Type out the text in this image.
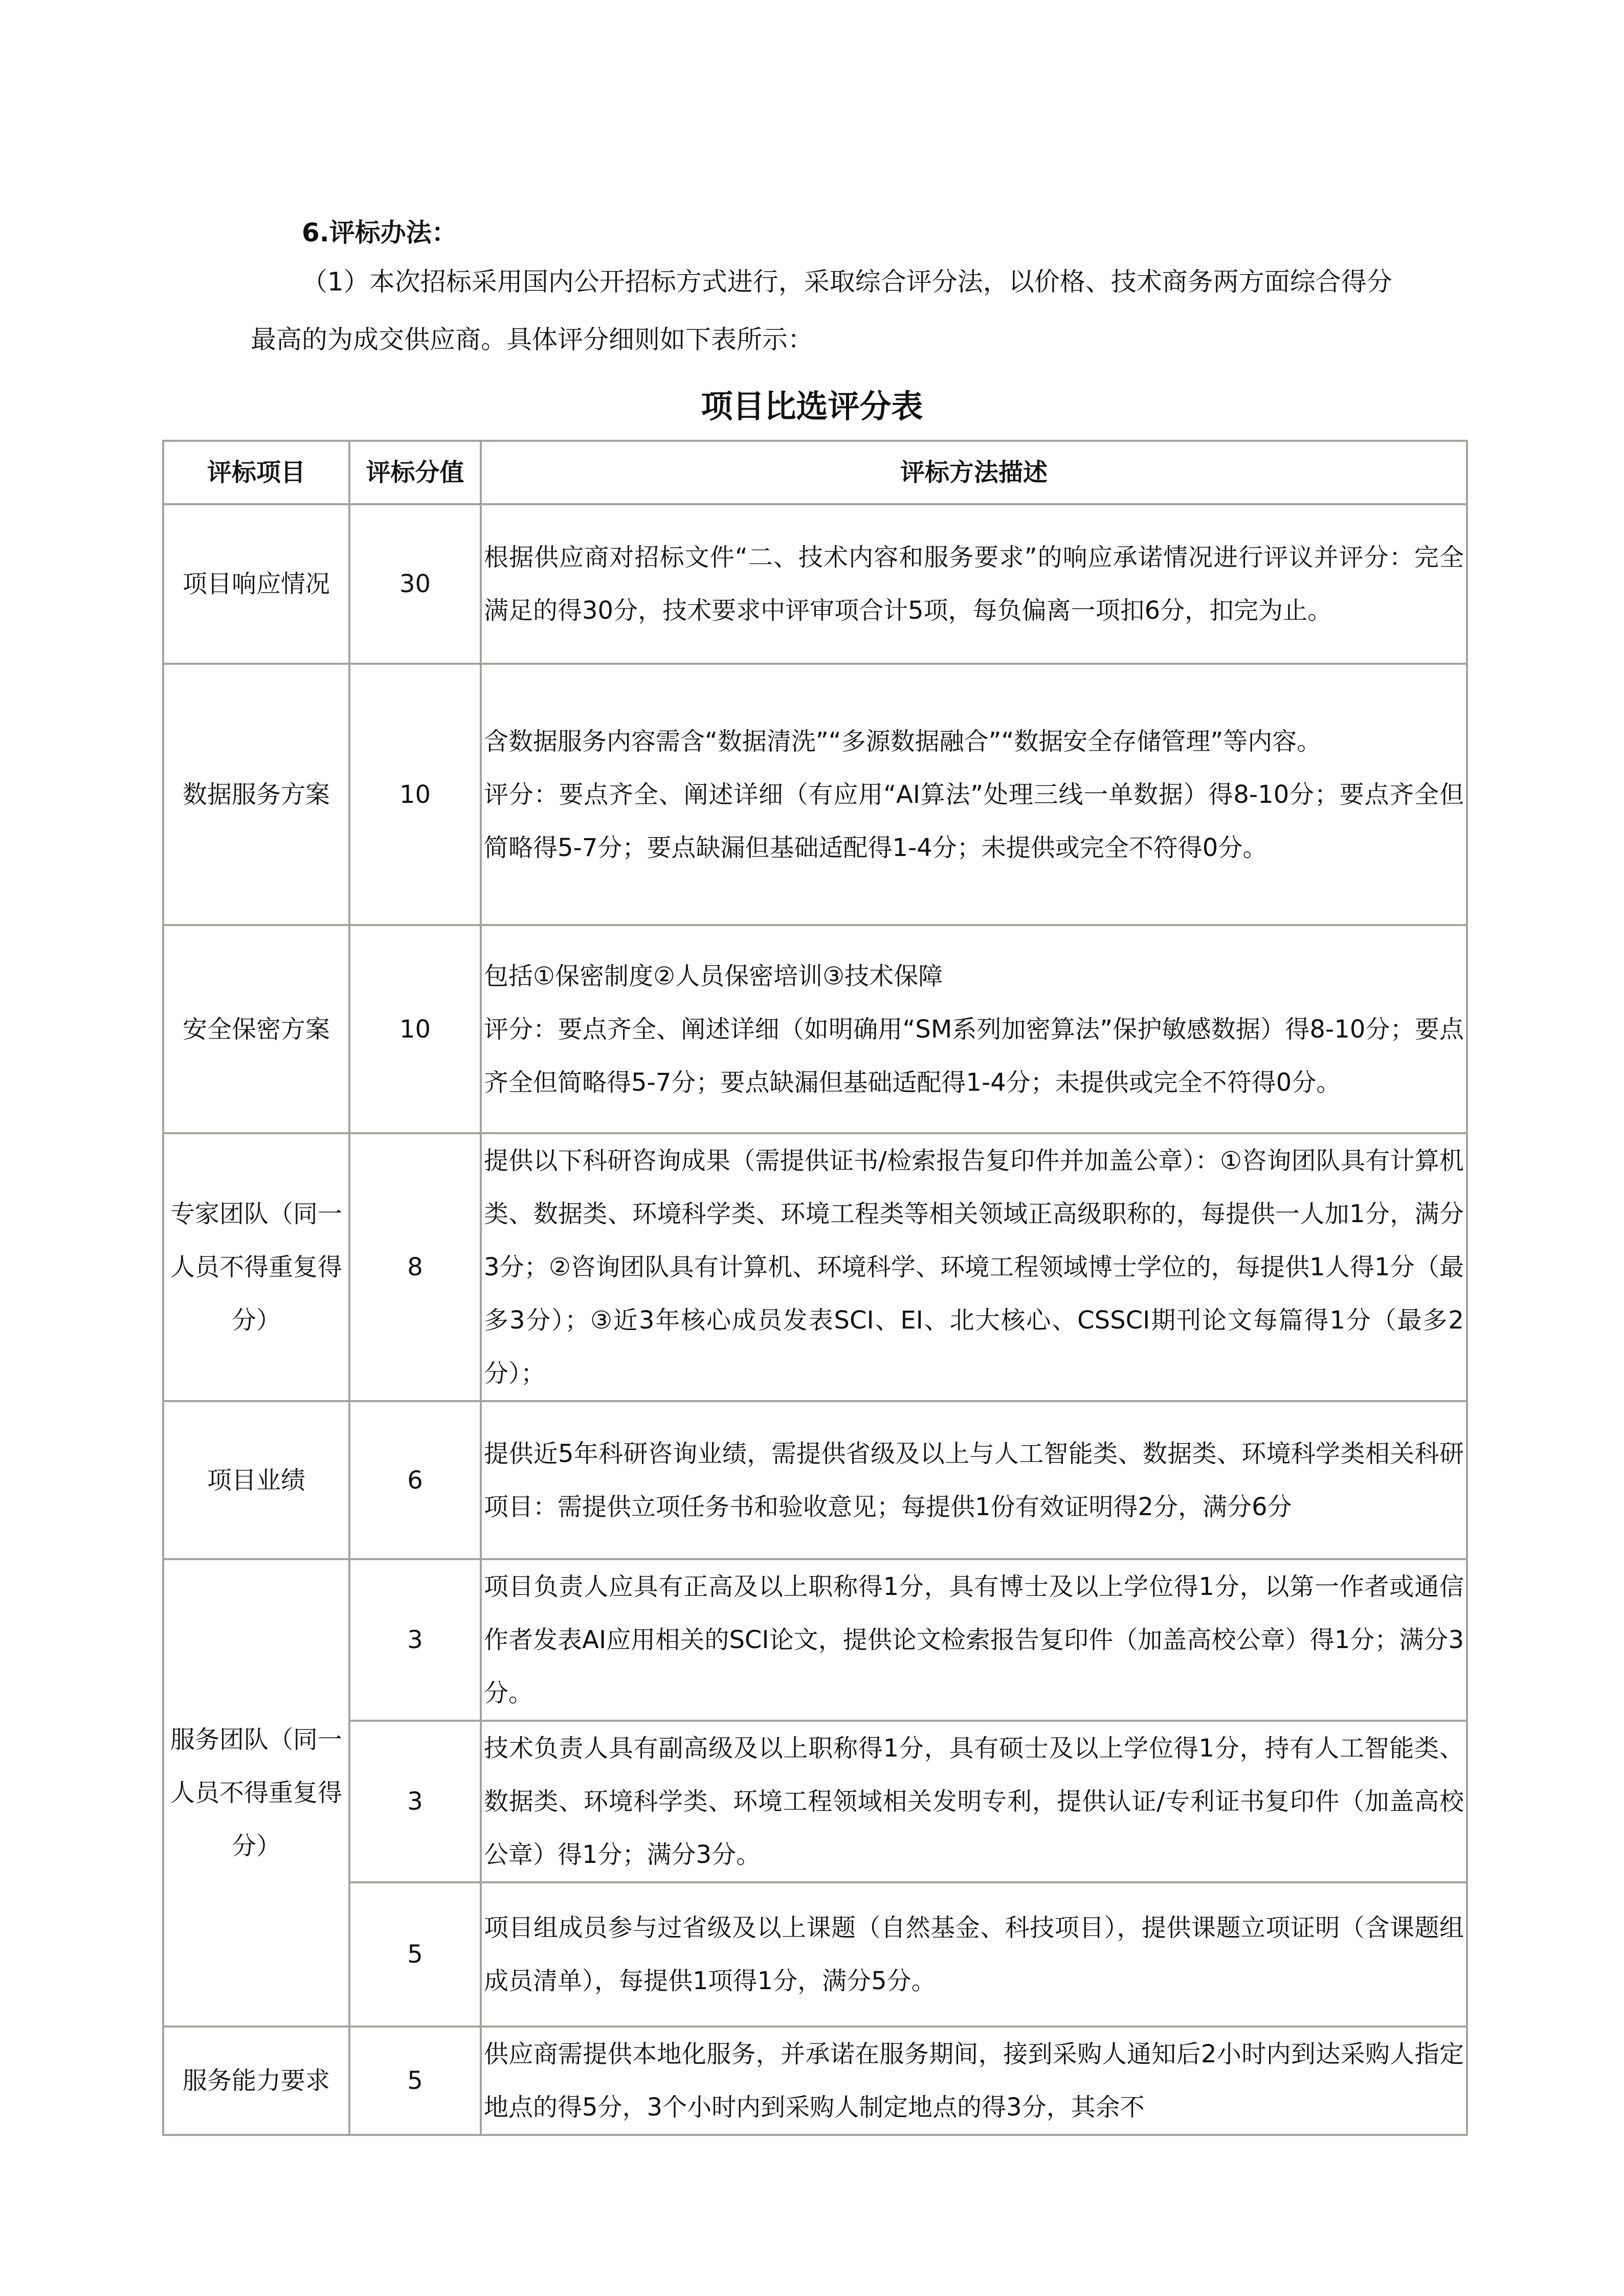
6.评标办法：
（1）本次招标采用国内公开招标方式进行，采取综合评分法，以价格、技术商务两方面综合得分最高的为成交供应商。具体评分细则如下表所示：
项目比选评分表
评标项目	评标分值	评标方法描述
项目响应情况	30	根据供应商对招标文件“二、技术内容和服务要求”的响应承诺情况进行评议并评分：完全满足的得30分，技术要求中评审项合计5项，每负偏离一项扣6分，扣完为止。

数据服务方案	10	含数据服务内容需含“数据清洗”“多源数据融合”“数据安全存储管理”等内容。
评分：要点齐全、阐述详细（有应用“AI算法”处理三线一单数据）得8-10分；要点齐全但简略得5-7分；要点缺漏但基础适配得1-4分；未提供或完全不符得0分。

安全保密方案	10	包括①保密制度②人员保密培训③技术保障
评分：要点齐全、阐述详细（如明确用“SM系列加密算法”保护敏感数据）得8-10分；要点齐全但简略得5-7分；要点缺漏但基础适配得1-4分；未提供或完全不符得0分。

专家团队（同一人员不得重复得分）	8	提供以下科研咨询成果（需提供证书/检索报告复印件并加盖公章）：①咨询团队具有计算机类、数据类、环境科学类、环境工程类等相关领域正高级职称的，每提供一人加1分，满分3分；②咨询团队具有计算机、环境科学、环境工程领域博士学位的，每提供1人得1分（最多3分）；③近3年核心成员发表SCI、EI、北大核心、CSSCI期刊论文每篇得1分（最多2分）；

项目业绩	6	提供近5年科研咨询业绩，需提供省级及以上与人工智能类、数据类、环境科学类相关科研项目：需提供立项任务书和验收意见；每提供1份有效证明得2分，满分6分

服务团队（同一人员不得重复得分）	3	项目负责人应具有正高及以上职称得1分，具有博士及以上学位得1分，以第一作者或通信作者发表AI应用相关的SCI论文，提供论文检索报告复印件（加盖高校公章）得1分；满分3分。

	3	技术负责人具有副高级及以上职称得1分，具有硕士及以上学位得1分，持有人工智能类、数据类、环境科学类、环境工程领域相关发明专利，提供认证/专利证书复印件（加盖高校公章）得1分；满分3分。

	5	项目组成员参与过省级及以上课题（自然基金、科技项目），提供课题立项证明（含课题组成员清单），每提供1项得1分，满分5分。

服务能力要求	5	供应商需提供本地化服务，并承诺在服务期间，接到采购人通知后2小时内到达采购人指定地点的得5分，3个小时内到采购人制定地点的得3分，其余不
